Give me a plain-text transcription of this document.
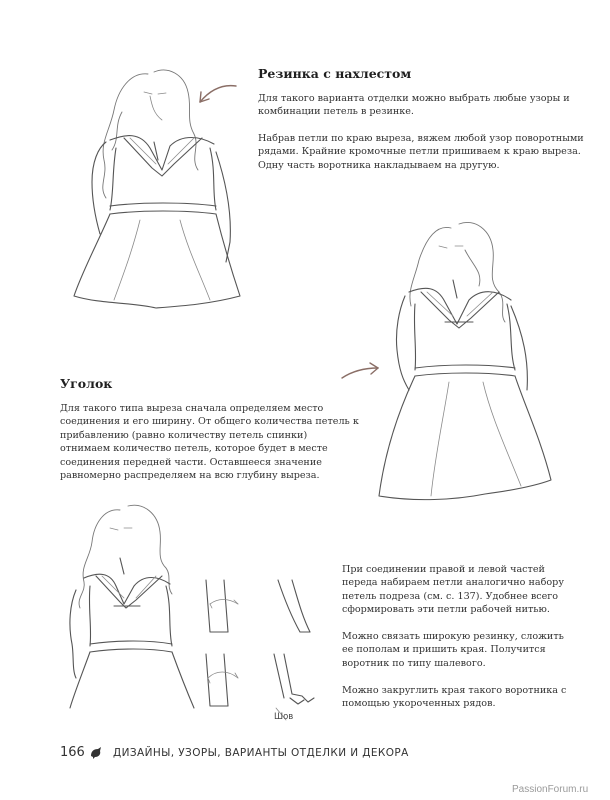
Резинка с нахлестом

Для такого варианта отделки можно выбрать любые узоры и комбинации петель в резинке.

Набрав петли по краю выреза, вяжем любой узор поворотными рядами. Крайние кромочные петли пришиваем к краю выреза. Одну часть воротника накладываем на другую.

Уголок

Для такого типа выреза сначала определяем место соединения и его ширину. От общего количества петель к прибавлению (равно количеству петель спинки) отнимаем количество петель, которое будет в месте соединения передней части. Оставшееся значение равномерно распределяем на всю глубину выреза.

Шов

При соединении правой и левой частей переда набираем петли аналогично набору петель подреза (см. с. 137). Удобнее всего сформировать эти петли рабочей нитью.

Можно связать широкую резинку, сложить ее пополам и пришить края. Получится воротник по типу шалевого.

Можно закруглить края такого воротника с помощью укороченных рядов.

166	ДИЗАЙНЫ, УЗОРЫ, ВАРИАНТЫ ОТДЕЛКИ И ДЕКОРА
PassionForum.ru
